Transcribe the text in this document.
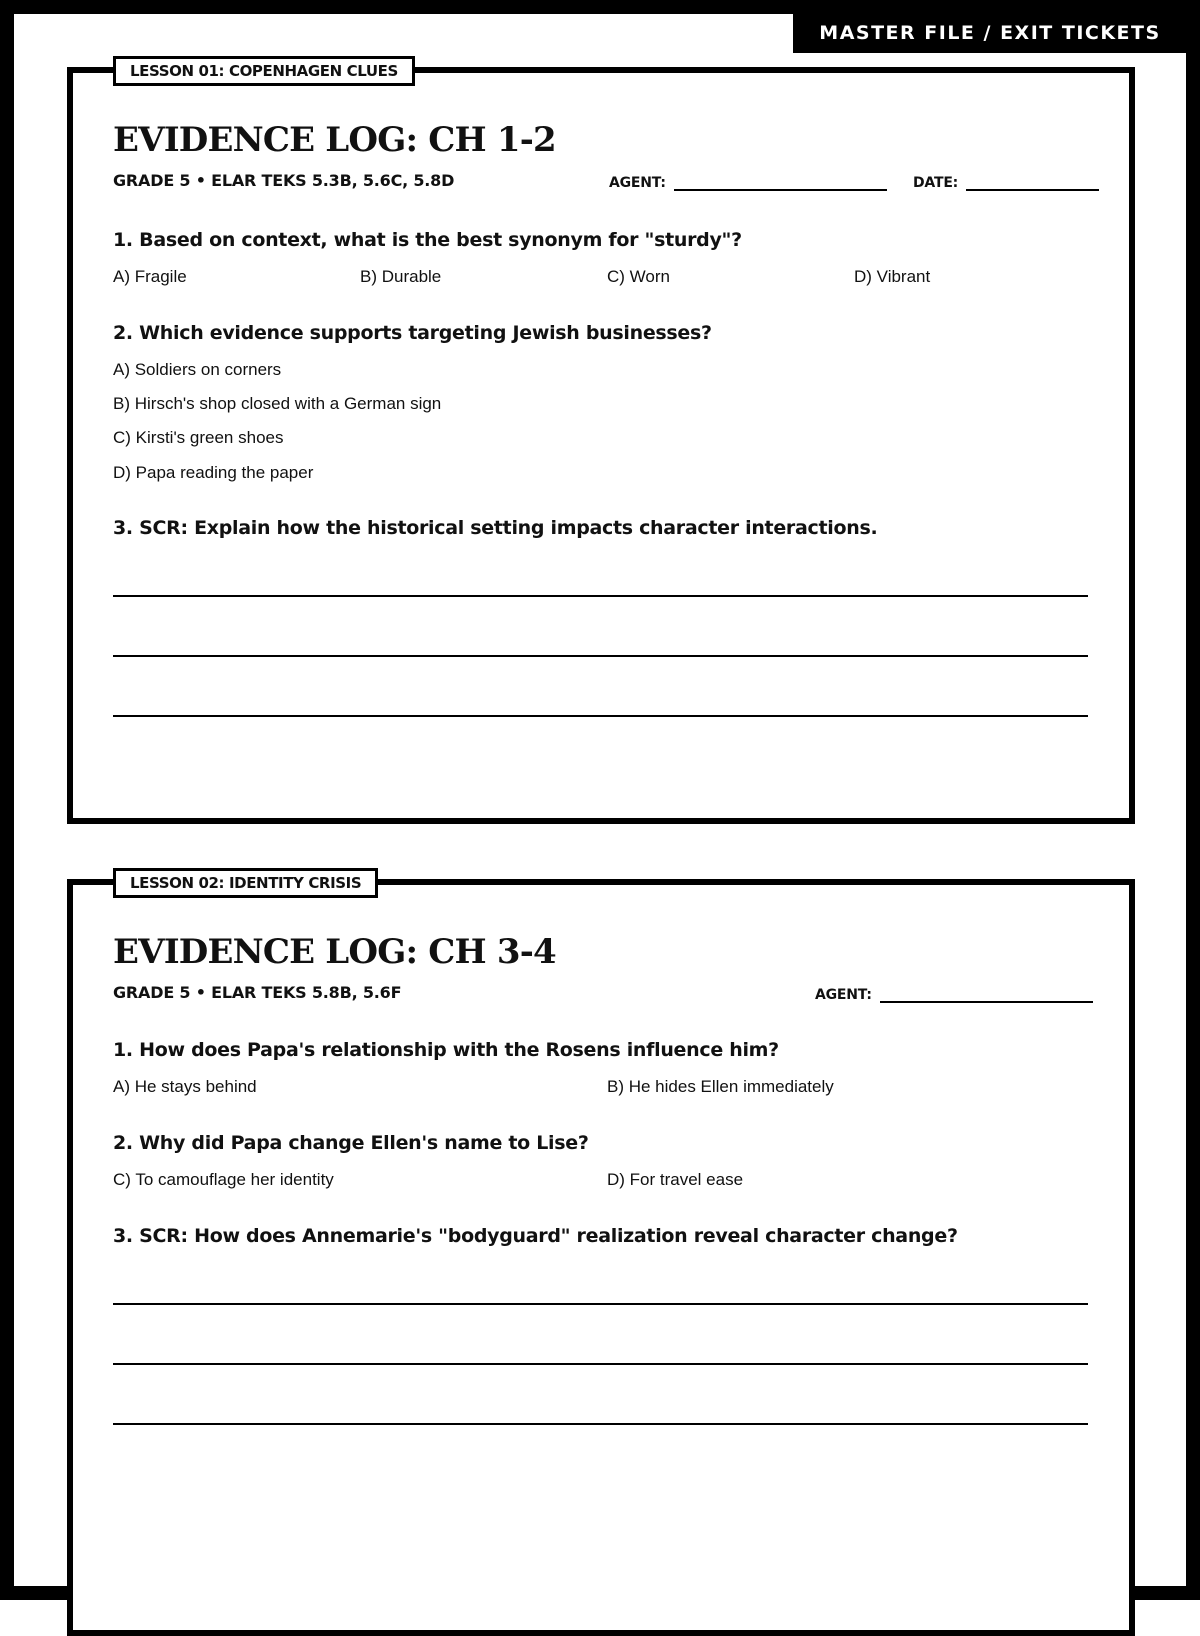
MASTER FILE / EXIT TICKETS
LESSON 01: COPENHAGEN CLUES
EVIDENCE LOG: CH 1-2
GRADE 5 • ELAR TEKS 5.3B, 5.6C, 5.8D	AGENT:	DATE:

1. Based on context, what is the best synonym for "sturdy"?

A) Fragile	B) Durable	C) Worn	D) Vibrant

2. Which evidence supports targeting Jewish businesses?

A) Soldiers on corners
B) Hirsch's shop closed with a German sign
C) Kirsti's green shoes
D) Papa reading the paper

3. SCR: Explain how the historical setting impacts character interactions.

LESSON 02: IDENTITY CRISIS
EVIDENCE LOG: CH 3-4
GRADE 5 • ELAR TEKS 5.8B, 5.6F	AGENT:

1. How does Papa's relationship with the Rosens influence him?

A) He stays behind	B) He hides Ellen immediately

2. Why did Papa change Ellen's name to Lise?

C) To camouflage her identity	D) For travel ease

3. SCR: How does Annemarie's "bodyguard" realization reveal character change?
